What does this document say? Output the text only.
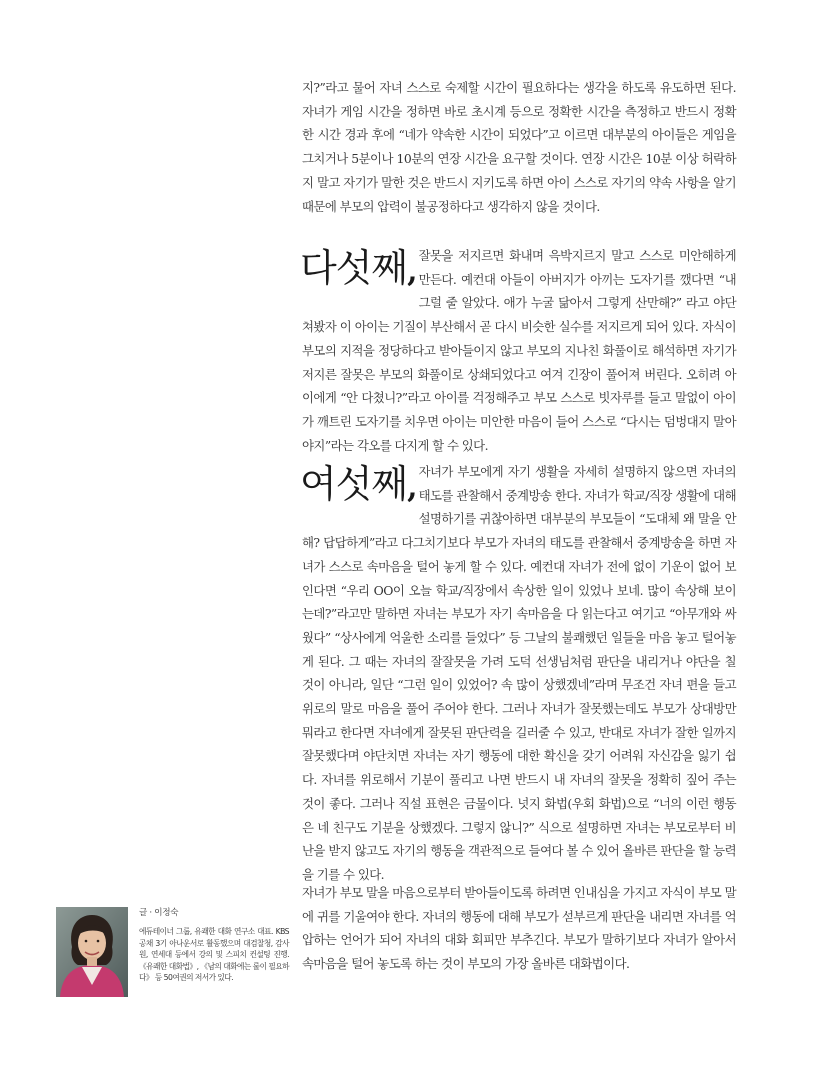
지?”라고 물어 자녀 스스로 숙제할 시간이 필요하다는 생각을 하도록 유도하면 된다. 자녀가 게임 시간을 정하면 바로 초시계 등으로 정확한 시간을 측정하고 반드시 정확한 시간 경과 후에 “네가 약속한 시간이 되었다”고 이르면 대부분의 아이들은 게임을 그치거나 5분이나 10분의 연장 시간을 요구할 것이다. 연장 시간은 10분 이상 허락하지 말고 자기가 말한 것은 반드시 지키도록 하면 아이 스스로 자기의 약속 사항을 알기 때문에 부모의 압력이 불공정하다고 생각하지 않을 것이다.

다섯째, 잘못을 저지르면 화내며 윽박지르지 말고 스스로 미안해하게 만든다. 예컨대 아들이 아버지가 아끼는 도자기를 깼다면 “내 그럴 줄 알았다. 애가 누굴 닮아서 그렇게 산만해?” 라고 야단쳐봤자 이 아이는 기질이 부산해서 곧 다시 비슷한 실수를 저지르게 되어 있다. 자식이 부모의 지적을 정당하다고 받아들이지 않고 부모의 지나친 화풀이로 해석하면 자기가 저지른 잘못은 부모의 화풀이로 상쇄되었다고 여겨 긴장이 풀어져 버린다. 오히려 아이에게 “안 다쳤니?”라고 아이를 걱정해주고 부모 스스로 빗자루를 들고 말없이 아이가 깨트린 도자기를 치우면 아이는 미안한 마음이 들어 스스로 “다시는 덤벙대지 말아야지”라는 각오를 다지게 할 수 있다.

여섯째, 자녀가 부모에게 자기 생활을 자세히 설명하지 않으면 자녀의 태도를 관찰해서 중계방송 한다. 자녀가 학교/직장 생활에 대해 설명하기를 귀찮아하면 대부분의 부모들이 “도대체 왜 말을 안 해? 답답하게”라고 다그치기보다 부모가 자녀의 태도를 관찰해서 중계방송을 하면 자녀가 스스로 속마음을 털어 놓게 할 수 있다. 예컨대 자녀가 전에 없이 기운이 없어 보인다면 “우리 OO이 오늘 학교/직장에서 속상한 일이 있었나 보네. 많이 속상해 보이는데?”라고만 말하면 자녀는 부모가 자기 속마음을 다 읽는다고 여기고 “아무개와 싸웠다” “상사에게 억울한 소리를 들었다” 등 그날의 불쾌했던 일들을 마음 놓고 털어놓게 된다. 그 때는 자녀의 잘잘못을 가려 도덕 선생님처럼 판단을 내리거나 야단을 칠 것이 아니라, 일단 “그런 일이 있었어? 속 많이 상했겠네”라며 무조건 자녀 편을 들고 위로의 말로 마음을 풀어 주어야 한다. 그러나 자녀가 잘못했는데도 부모가 상대방만 뭐라고 한다면 자녀에게 잘못된 판단력을 길러줄 수 있고, 반대로 자녀가 잘한 일까지 잘못했다며 야단치면 자녀는 자기 행동에 대한 확신을 갖기 어려워 자신감을 잃기 쉽다. 자녀를 위로해서 기분이 풀리고 나면 반드시 내 자녀의 잘못을 정확히 짚어 주는 것이 좋다. 그러나 직설 표현은 금물이다. 넛지 화법(우회 화법)으로 “너의 이런 행동은 네 친구도 기분을 상했겠다. 그렇지 않니?” 식으로 설명하면 자녀는 부모로부터 비난을 받지 않고도 자기의 행동을 객관적으로 들여다 볼 수 있어 올바른 판단을 할 능력을 기를 수 있다.

자녀가 부모 말을 마음으로부터 받아들이도록 하려면 인내심을 가지고 자식이 부모 말에 귀를 기울여야 한다. 자녀의 행동에 대해 부모가 섣부르게 판단을 내리면 자녀를 억압하는 언어가 되어 자녀의 대화 회피만 부추긴다. 부모가 말하기보다 자녀가 알아서 속마음을 털어 놓도록 하는 것이 부모의 가장 올바른 대화법이다.

글 · 이정숙

에듀테이너 그룹, 유쾌한 대화 연구소 대표. KBS 공채 3기 아나운서로 활동했으며 대검찰청, 감사원, 연세대 등에서 강의 및 스피치 컨설팅 진행. 《유쾌한 대화법》, 《남의 대화에는 룰이 필요하다》 등 50여권의 저서가 있다.
